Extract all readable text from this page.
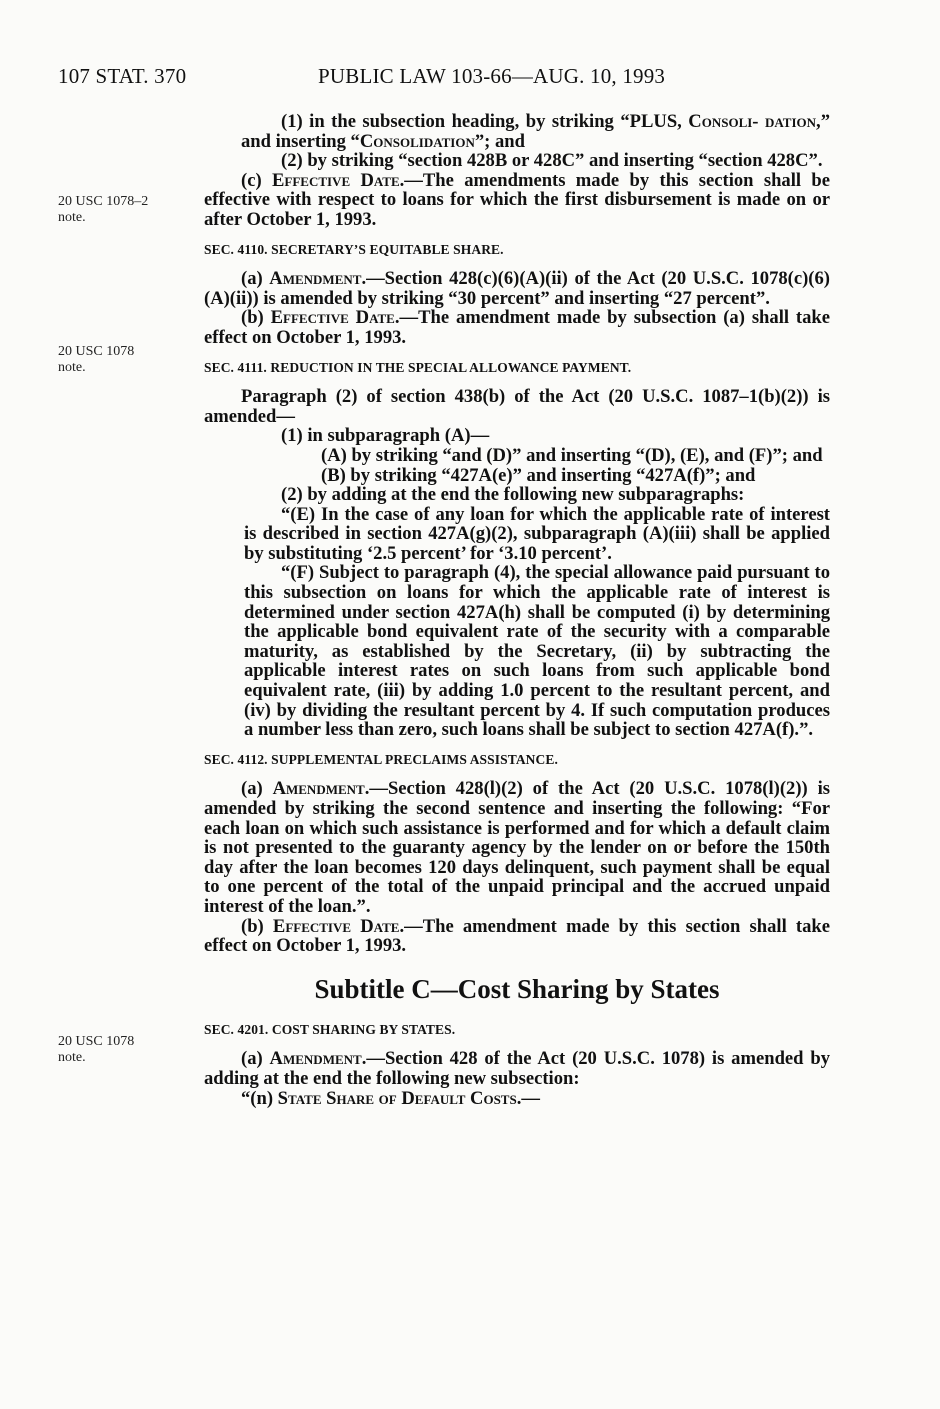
107 STAT. 370	PUBLIC LAW 103-66—AUG. 10, 1993
20 USC 1078–2
note.
20 USC 1078
note.
20 USC 1078
note.

(1) in the subsection heading, by striking “PLUS, Consoli- dation,” and inserting “Consolidation”; and

(2) by striking “section 428B or 428C” and inserting “section 428C”.

(c) Effective Date.—The amendments made by this section shall be effective with respect to loans for which the first disbursement is made on or after October 1, 1993.

SEC. 4110. SECRETARY’S EQUITABLE SHARE.

(a) Amendment.—Section 428(c)(6)(A)(ii) of the Act (20 U.S.C. 1078(c)(6)(A)(ii)) is amended by striking “30 percent” and inserting “27 percent”.

(b) Effective Date.—The amendment made by subsection (a) shall take effect on October 1, 1993.

SEC. 4111. REDUCTION IN THE SPECIAL ALLOWANCE PAYMENT.

Paragraph (2) of section 438(b) of the Act (20 U.S.C. 1087–1(b)(2)) is amended—

(1) in subparagraph (A)—

(A) by striking “and (D)” and inserting “(D), (E), and (F)”; and

(B) by striking “427A(e)” and inserting “427A(f)”; and

(2) by adding at the end the following new subparagraphs:

“(E) In the case of any loan for which the applicable rate of interest is described in section 427A(g)(2), subparagraph (A)(iii) shall be applied by substituting ‘2.5 percent’ for ‘3.10 percent’.

“(F) Subject to paragraph (4), the special allowance paid pursuant to this subsection on loans for which the applicable rate of interest is determined under section 427A(h) shall be computed (i) by determining the applicable bond equivalent rate of the security with a comparable maturity, as established by the Secretary, (ii) by subtracting the applicable interest rates on such loans from such applicable bond equivalent rate, (iii) by adding 1.0 percent to the resultant percent, and (iv) by dividing the resultant percent by 4. If such computation produces a number less than zero, such loans shall be subject to section 427A(f).”.

SEC. 4112. SUPPLEMENTAL PRECLAIMS ASSISTANCE.

(a) Amendment.—Section 428(l)(2) of the Act (20 U.S.C. 1078(l)(2)) is amended by striking the second sentence and inserting the following: “For each loan on which such assistance is performed and for which a default claim is not presented to the guaranty agency by the lender on or before the 150th day after the loan becomes 120 days delinquent, such payment shall be equal to one percent of the total of the unpaid principal and the accrued unpaid interest of the loan.”.

(b) Effective Date.—The amendment made by this section shall take effect on October 1, 1993.

Subtitle C—Cost Sharing by States

SEC. 4201. COST SHARING BY STATES.

(a) Amendment.—Section 428 of the Act (20 U.S.C. 1078) is amended by adding at the end the following new subsection:

“(n) State Share of Default Costs.—
